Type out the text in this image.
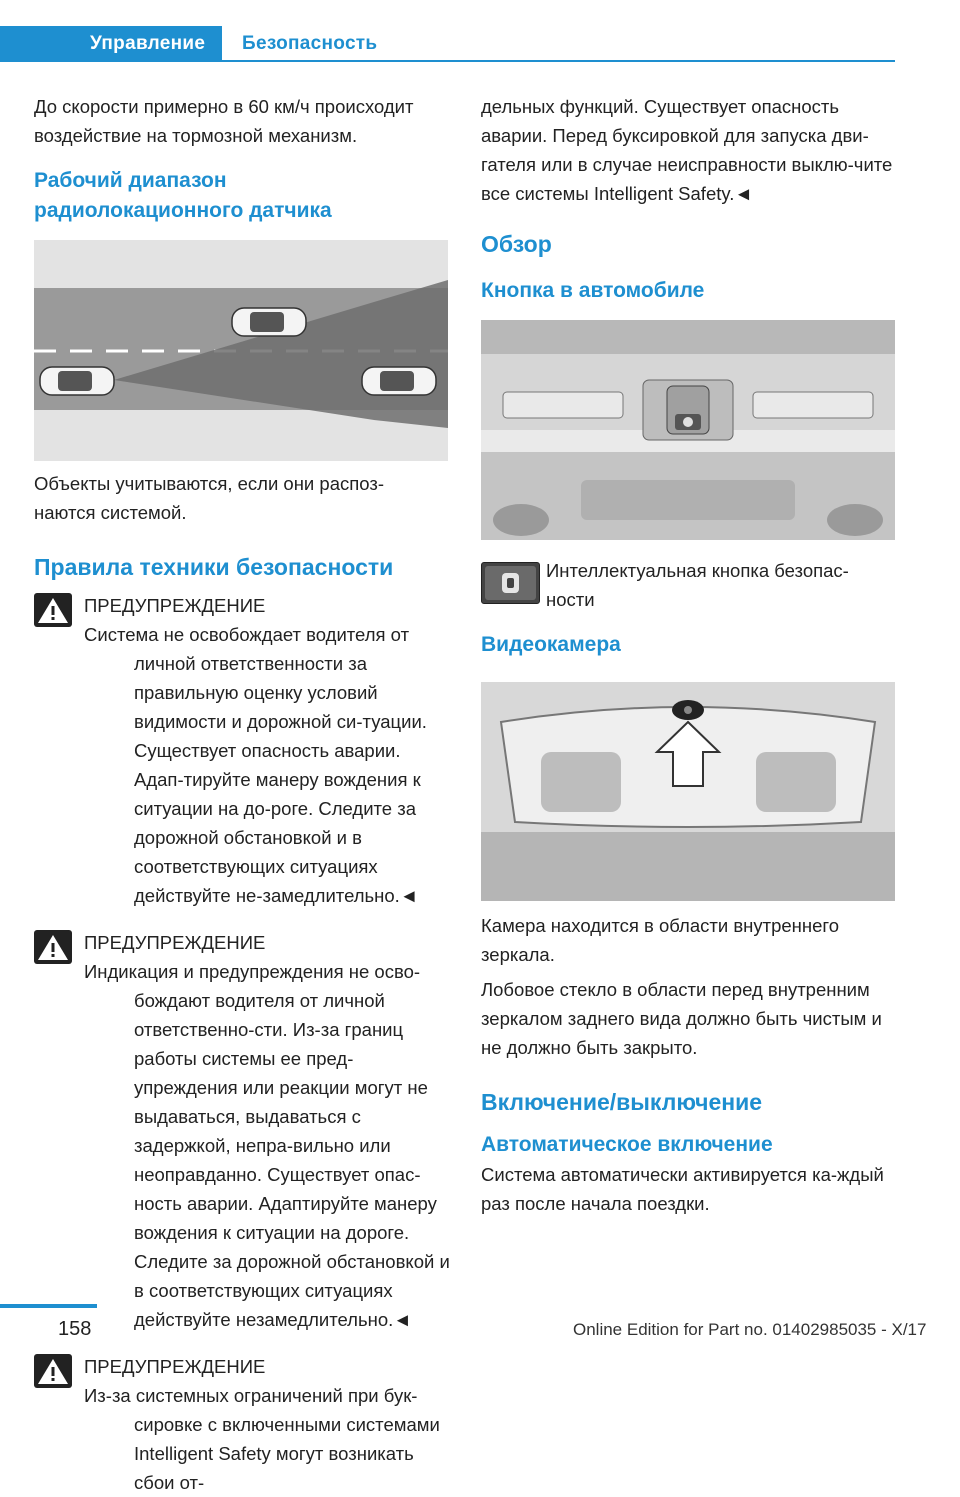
Управление Безопасность

До скорости примерно в 60 км/ч происходит воздействие на тормозной механизм.

Рабочий диапазон радиолокационного датчика

Объекты учитываются, если они распоз-наются системой.

Правила техники безопасности

ПРЕДУПРЕЖДЕНИЕ
Система не освобождает водителя от личной ответственности за правильную оценку условий видимости и дорожной си-туации. Существует опасность аварии. Адап-тируйте манеру вождения к ситуации на до-роге. Следите за дорожной обстановкой и в соответствующих ситуациях действуйте не-замедлительно.◄
ПРЕДУПРЕЖДЕНИЕ
Индикация и предупреждения не осво-бождают водителя от личной ответственно-сти. Из-за границ работы системы ее пред-упреждения или реакции могут не выдаваться, выдаваться с задержкой, непра-вильно или неоправданно. Существует опас-ность аварии. Адаптируйте манеру вождения к ситуации на дороге. Следите за дорожной обстановкой и в соответствующих ситуациях действуйте незамедлительно.◄
ПРЕДУПРЕЖДЕНИЕ
Из-за системных ограничений при бук-сировке с включенными системами Intelligent Safety могут возникать сбои от-

дельных функций. Существует опасность аварии. Перед буксировкой для запуска дви-гателя или в случае неисправности выклю-чите все системы Intelligent Safety.◄

Обзор

Кнопка в автомобиле

Интеллектуальная кнопка безопас-ности

Видеокамера

Камера находится в области внутреннего зеркала.

Лобовое стекло в области перед внутренним зеркалом заднего вида должно быть чистым и не должно быть закрыто.

Включение/выключение

Автоматическое включение

Система автоматически активируется ка-ждый раз после начала поездки.

158	Online Edition for Part no. 01402985035 - X/17
